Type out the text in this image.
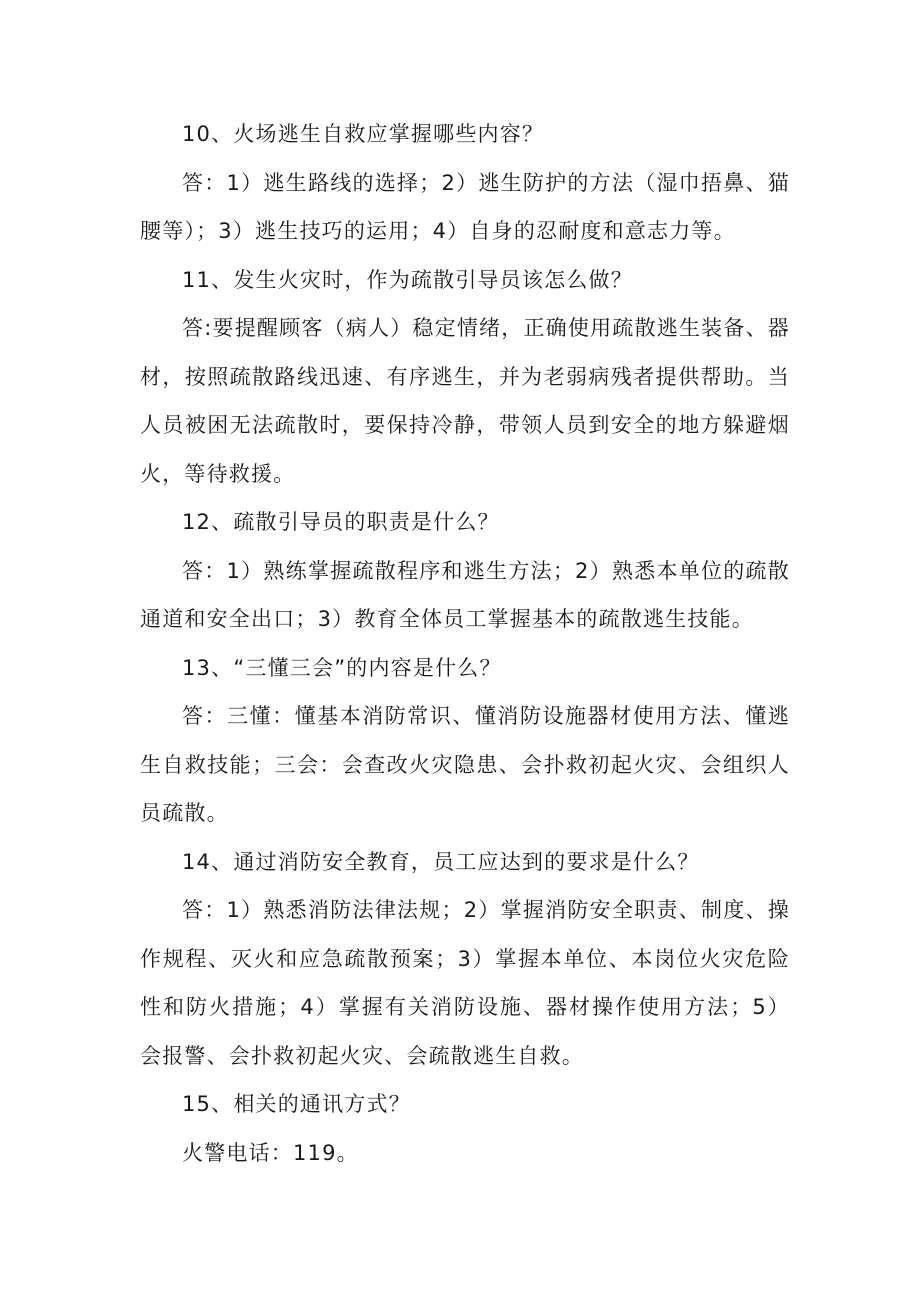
10、火场逃生自救应掌握哪些内容？

答：1）逃生路线的选择；2）逃生防护的方法（湿巾捂鼻、猫腰等）；3）逃生技巧的运用；4）自身的忍耐度和意志力等。

11、发生火灾时，作为疏散引导员该怎么做？

答:要提醒顾客（病人）稳定情绪，正确使用疏散逃生装备、器材，按照疏散路线迅速、有序逃生，并为老弱病残者提供帮助。当人员被困无法疏散时，要保持冷静，带领人员到安全的地方躲避烟火，等待救援。

12、疏散引导员的职责是什么？

答：1）熟练掌握疏散程序和逃生方法；2）熟悉本单位的疏散通道和安全出口；3）教育全体员工掌握基本的疏散逃生技能。

13、“三懂三会”的内容是什么？

答：三懂：懂基本消防常识、懂消防设施器材使用方法、懂逃生自救技能；三会：会查改火灾隐患、会扑救初起火灾、会组织人员疏散。

14、通过消防安全教育，员工应达到的要求是什么？

答：1）熟悉消防法律法规；2）掌握消防安全职责、制度、操作规程、灭火和应急疏散预案；3）掌握本单位、本岗位火灾危险性和防火措施；4）掌握有关消防设施、器材操作使用方法；5）会报警、会扑救初起火灾、会疏散逃生自救。

15、相关的通讯方式？

火警电话：119。
